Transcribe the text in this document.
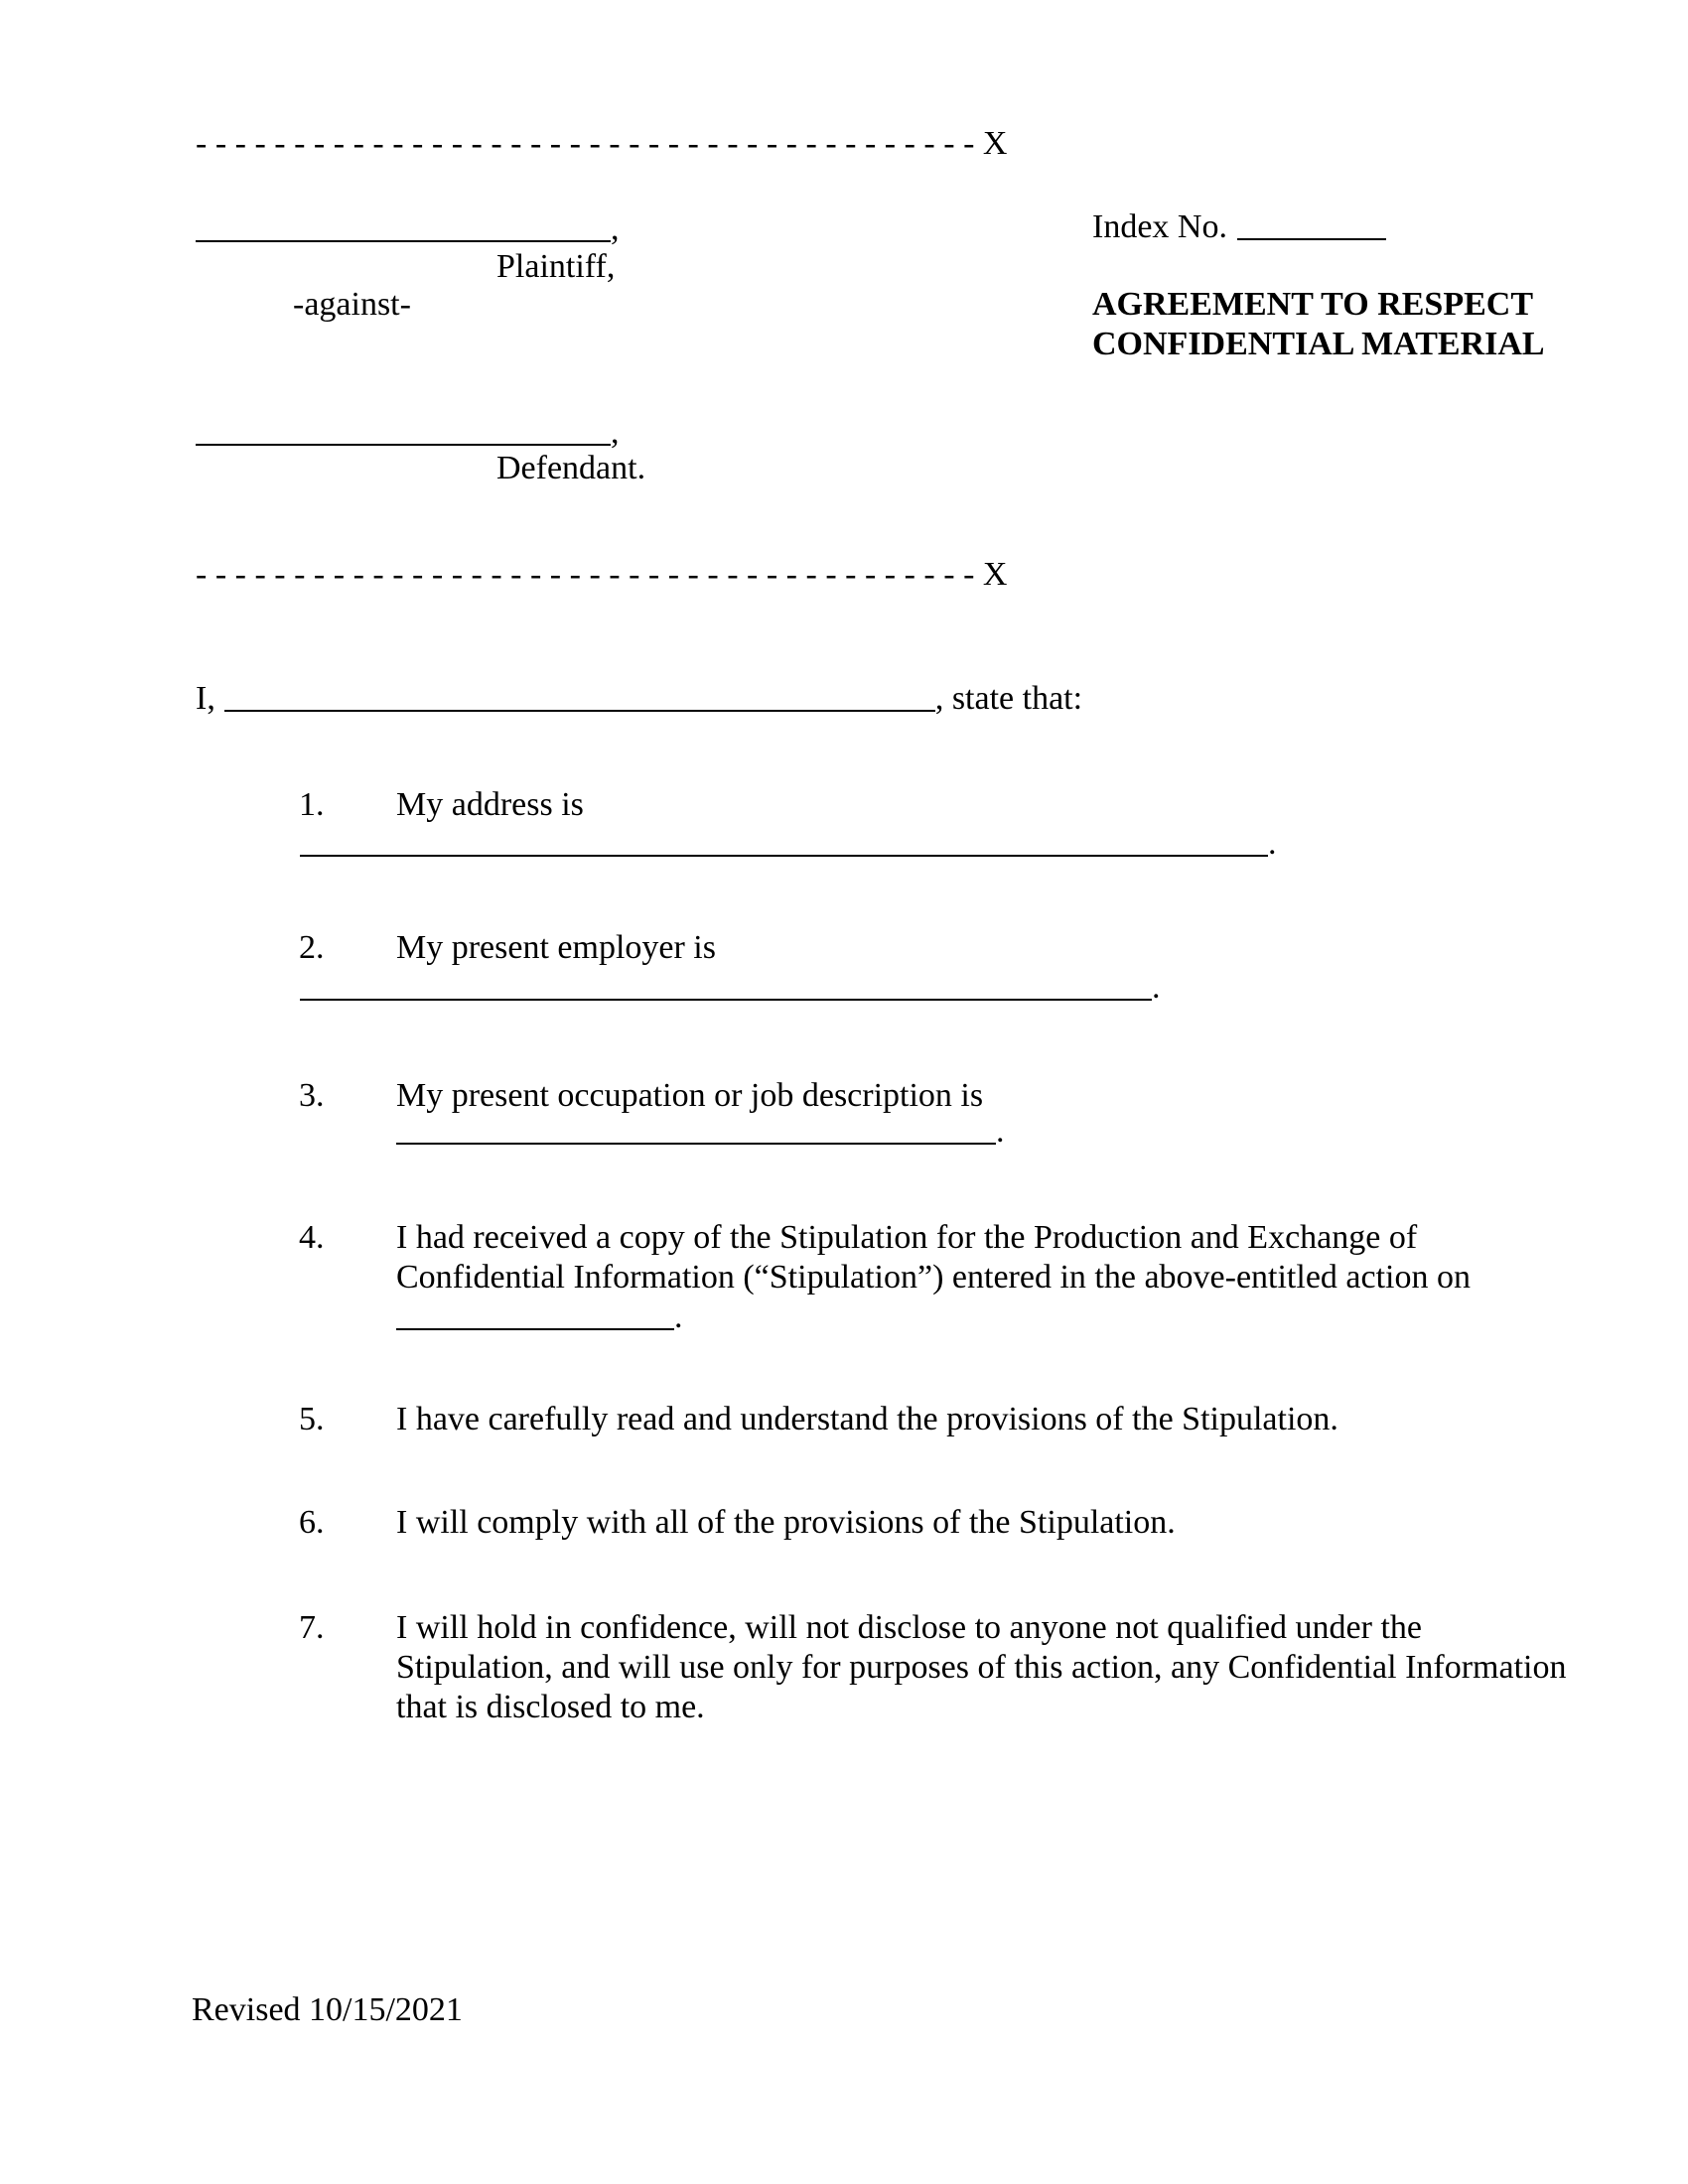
- - - - - - - - - - - - - - - - - - - - - - - - - - - - - - - - - - - - - - - - X
,
Plaintiff,
-against-
,
Defendant.
Index No.
AGREEMENT TO RESPECT
CONFIDENTIAL MATERIAL
- - - - - - - - - - - - - - - - - - - - - - - - - - - - - - - - - - - - - - - - X
I,	, state that:
1. My address is
.
2. My present employer is
.
3. My present occupation or job description is
.
4. I had received a copy of the Stipulation for the Production and Exchange of
Confidential Information (“Stipulation”) entered in the above-entitled action on
.
5. I have carefully read and understand the provisions of the Stipulation.
6. I will comply with all of the provisions of the Stipulation.
7. I will hold in confidence, will not disclose to anyone not qualified under the
Stipulation, and will use only for purposes of this action, any Confidential Information
that is disclosed to me.
Revised 10/15/2021
